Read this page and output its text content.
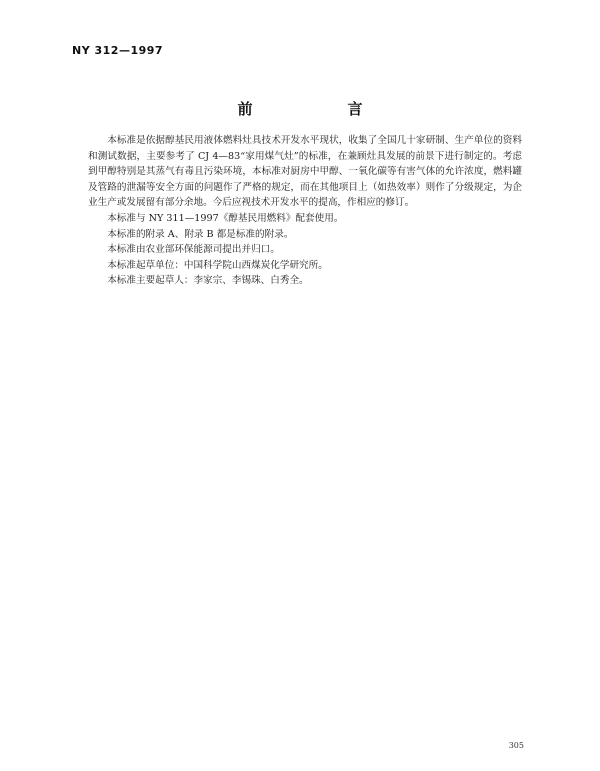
NY 312—1997
前　言

本标准是依据醇基民用液体燃料灶具技术开发水平现状，收集了全国几十家研制、生产单位的资料和测试数据，主要参考了 CJ 4—83“家用煤气灶”的标准，在兼顾灶具发展的前景下进行制定的。考虑到甲醇特别是其蒸气有毒且污染环境，本标准对厨房中甲醇、一氧化碳等有害气体的允许浓度，燃料罐及管路的泄漏等安全方面的问题作了严格的规定，而在其他项目上（如热效率）则作了分级规定，为企业生产或发展留有部分余地。今后应视技术开发水平的提高，作相应的修订。

本标准与 NY 311—1997《醇基民用燃料》配套使用。

本标准的附录 A、附录 B 都是标准的附录。

本标准由农业部环保能源司提出并归口。

本标准起草单位：中国科学院山西煤炭化学研究所。

本标准主要起草人：李家宗、李锡珠、白秀全。

305
